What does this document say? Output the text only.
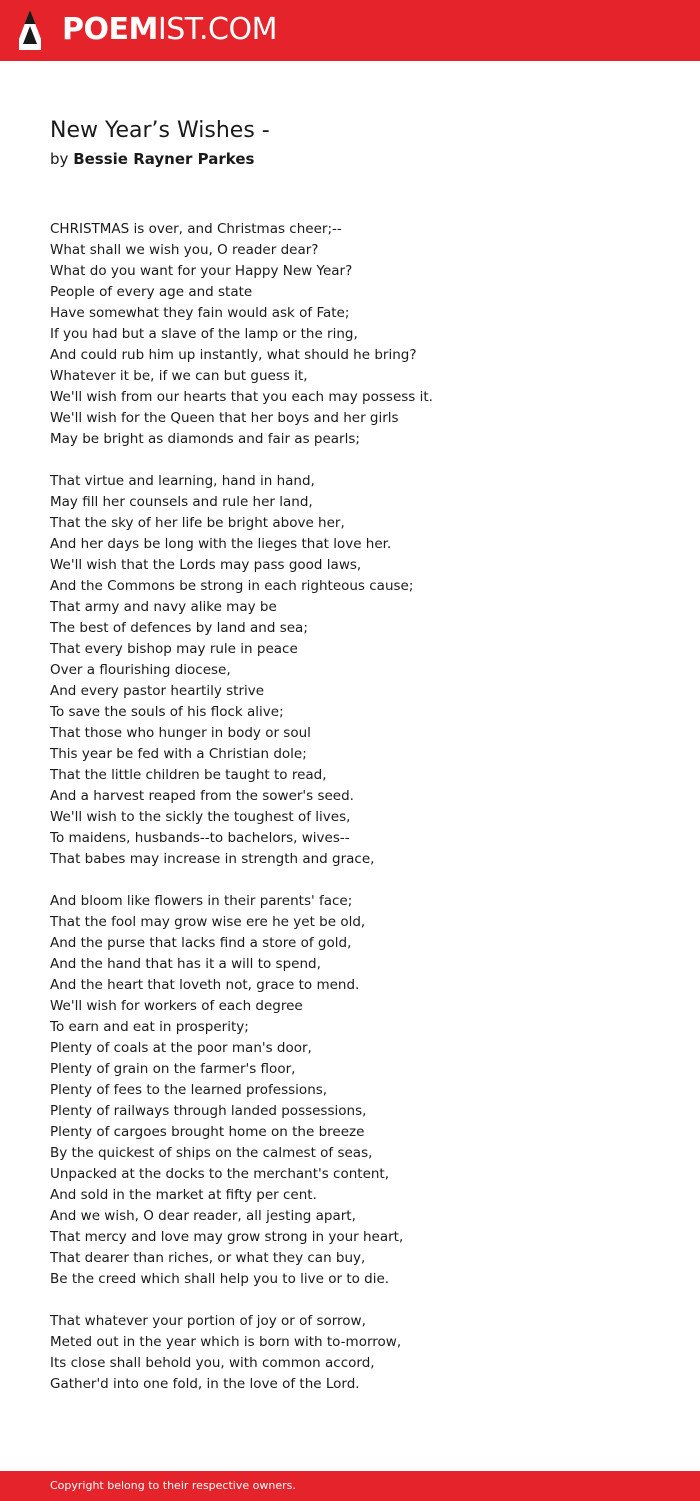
POEMIST.COM
New Year’s Wishes -
by Bessie Rayner Parkes
CHRISTMAS is over, and Christmas cheer;--
What shall we wish you, O reader dear?
What do you want for your Happy New Year?
People of every age and state
Have somewhat they fain would ask of Fate;
If you had but a slave of the lamp or the ring,
And could rub him up instantly, what should he bring?
Whatever it be, if we can but guess it,
We'll wish from our hearts that you each may possess it.
We'll wish for the Queen that her boys and her girls
May be bright as diamonds and fair as pearls;
That virtue and learning, hand in hand,
May fill her counsels and rule her land,
That the sky of her life be bright above her,
And her days be long with the lieges that love her.
We'll wish that the Lords may pass good laws,
And the Commons be strong in each righteous cause;
That army and navy alike may be
The best of defences by land and sea;
That every bishop may rule in peace
Over a flourishing diocese,
And every pastor heartily strive
To save the souls of his flock alive;
That those who hunger in body or soul
This year be fed with a Christian dole;
That the little children be taught to read,
And a harvest reaped from the sower's seed.
We'll wish to the sickly the toughest of lives,
To maidens, husbands--to bachelors, wives--
That babes may increase in strength and grace,
And bloom like flowers in their parents' face;
That the fool may grow wise ere he yet be old,
And the purse that lacks find a store of gold,
And the hand that has it a will to spend,
And the heart that loveth not, grace to mend.
We'll wish for workers of each degree
To earn and eat in prosperity;
Plenty of coals at the poor man's door,
Plenty of grain on the farmer's floor,
Plenty of fees to the learned professions,
Plenty of railways through landed possessions,
Plenty of cargoes brought home on the breeze
By the quickest of ships on the calmest of seas,
Unpacked at the docks to the merchant's content,
And sold in the market at fifty per cent.
And we wish, O dear reader, all jesting apart,
That mercy and love may grow strong in your heart,
That dearer than riches, or what they can buy,
Be the creed which shall help you to live or to die.
That whatever your portion of joy or of sorrow,
Meted out in the year which is born with to-morrow,
Its close shall behold you, with common accord,
Gather'd into one fold, in the love of the Lord.
Copyright belong to their respective owners.
